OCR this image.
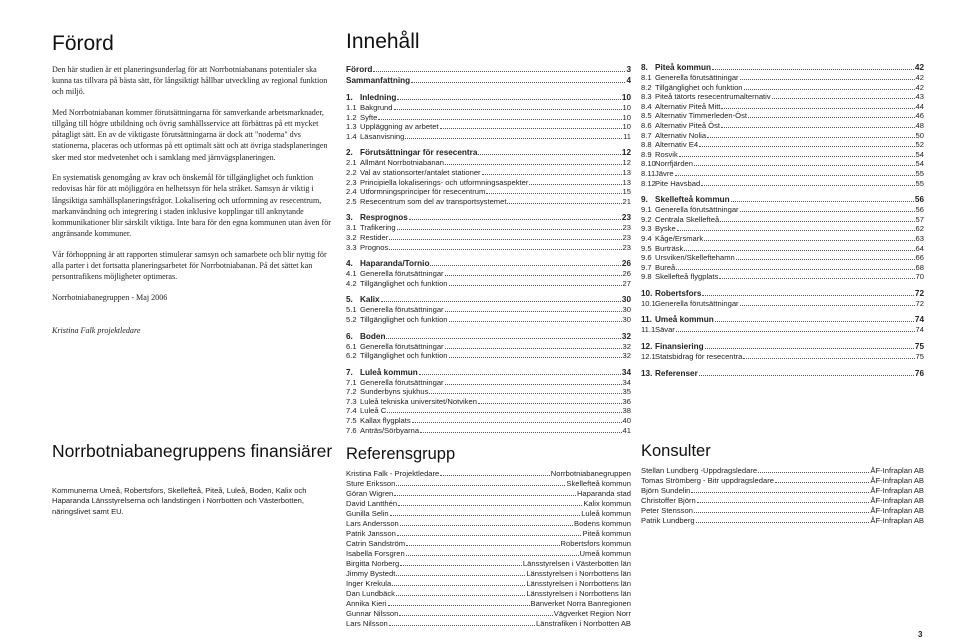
Förord

Den här studien är ett planeringsunderlag för att Norrbotniabanans potentialer ska kunna tas tillvara på bästa sätt, för långsiktigt hållbar utveckling av regional funktion och miljö.

Med Norrbotniabanan kommer förutsättningarna för samverkande arbetsmarknader, tillgång till högre utbildning och övrig samhällsservice att förbättras på ett mycket påtagligt sätt. En av de viktigaste förutsättningarna är dock att "noderna" dvs stationerna, placeras och utformas på ett optimalt sätt och att övriga stadsplaneringen sker med stor medvetenhet och i samklang med järnvägsplaneringen.

En systematisk genomgång av krav och önskemål för tillgänglighet och funktion redovisas här för att möjliggöra en helhetssyn för hela stråket. Samsyn är viktig i långsiktiga samhällsplaneringsfrågor. Lokalisering och utformning av resecentrum, markanvändning och integrering i staden inklusive kopplingar till anknytande kommunikationer blir särskilt viktiga. Inte bara för den egna kommunen utan även för angränsande kommuner.

Vår förhoppning är att rapporten stimulerar samsyn och samarbete och blir nyttig för alla parter i det fortsatta planeringsarbetet för Norrbotniabanan. På det sättet kan persontrafikens möjligheter optimeras.

Norrbotniabanegruppen - Maj 2006

Kristina Falk projektledare
Norrbotniabanegruppens finansiärer

Kommunerna Umeå, Robertsfors, Skellefteå, Piteå, Luleå, Boden, Kalix och Haparanda Länsstyrelserna och landstingen i Norrbotten och Västerbotten, näringslivet samt EU.

Innehåll
Förord	3
Sammanfattning	4
1. Inledning	10
1.1 Bakgrund	10
1.2 Syfte	10
1.3 Uppläggning av arbetet	10
1.4 Läsanvisning	11
2. Förutsättningar för resecentra	12
2.1 Allmänt Norrbotniabanan	12
2.2 Val av stationsorter/antalet stationer	13
2.3 Principiella lokaliserings- och utformningsaspekter	13
2.4 Utformningsprinciper för resecentrum	15
2.5 Resecentrum som del av transportsystemet	21
3. Resprognos	23
3.1 Trafikering	23
3.2 Restider	23
3.3 Prognos	23
4. Haparanda/Tornio	26
4.1 Generella förutsättningar	26
4.2 Tillgänglighet och funktion	27
5. Kalix	30
5.1 Generella förutsättningar	30
5.2 Tillgänglighet och funktion	30
6. Boden	32
6.1 Generella förutsättningar	32
6.2 Tillgänglighet och funktion	32
7. Luleå kommun	34
7.1 Generella förutsättningar	34
7.2 Sunderbyns sjukhus	35
7.3 Luleå tekniska universitet/Notviken	36
7.4 Luleå C	38
7.5 Kallax flygplats	40
7.6 Anträs/Sörbyarna	41
Referensgrupp
Kristina Falk - Projektledare	Norrbotniabanegruppen
Sture Eriksson	Skellefteå kommun
Göran Wigren	Haparanda stad
David Lantthén	Kalix kommun
Gunilla Selin	Luleå kommun
Lars Andersson	Bodens kommun
Patrik Jansson	Piteå kommun
Catrin Sandström	Robertsfors kommun
Isabella Forsgren	Umeå kommun
Birgitta Norberg	Länsstyrelsen i Västerbotten län
Jimmy Bystedt	Länsstyrelsen i Norrbottens län
Inger Krekula	Länsstyrelsen i Norrbottens län
Dan Lundbäck	Länsstyrelsen i Norrbottens län
Annika Kieri	Banverket Norra Banregionen
Gunnar Nilsson	Vägverket Region Norr
Lars Nilsson	Länstrafiken i Norrbotten AB
8. Piteå kommun	42
8.1 Generella förutsättningar	42
8.2 Tillgänglighet och funktion	42
8.3 Piteå tätorts resecentrumalternativ	43
8.4 Alternativ Piteå Mitt	44
8.5 Alternativ Timmerleden-Öst	46
8.6 Alternativ Piteå Öst	48
8.7 Alternativ Nolia	50
8.8 Alternativ E4	52
8.9 Rosvik	54
8.10 Norrfjärden	54
8.11 Jävre	55
8.12 Pite Havsbad	55
9. Skellefteå kommun	56
9.1 Generella förutsättningar	56
9.2 Centrala Skellefteå	57
9.3 Byske	62
9.4 Kåge/Ersmark	63
9.5 Burträsk	64
9.6 Ursviken/Skelleftehamn	66
9.7 Bureå	68
9.8 Skellefteå flygplats	70
10. Robertsfors	72
10.1 Generella förutsättningar	72
11. Umeå kommun	74
11.1 Sävar	74
12. Finansiering	75
12.1 Statsbidrag för resecentra	75
13. Referenser	76
Konsulter
Stellan Lundberg -Uppdragsledare	ÅF-Infraplan AB
Tomas Strömberg - Bitr uppdragsledare	ÅF-Infraplan AB
Björn Sundelin	ÅF-Infraplan AB
Christoffer Björn	ÅF-Infraplan AB
Peter Stensson	ÅF-Infraplan AB
Patrik Lundberg	ÅF-Infraplan AB
3
